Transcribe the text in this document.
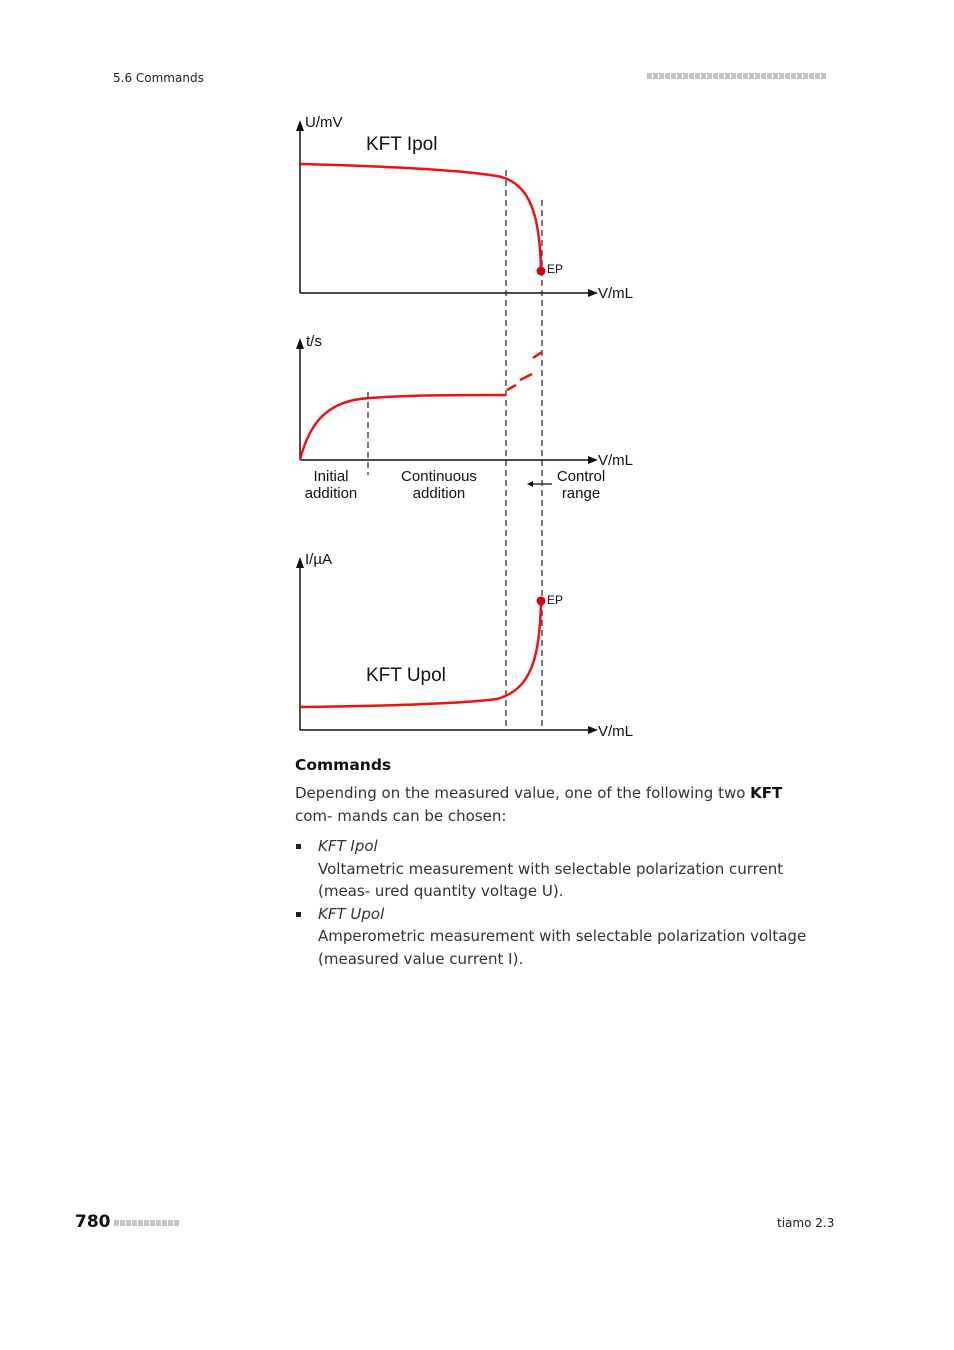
5.6 Commands
U/mV
V/mL
KFT Ipol
EP
t/s
V/mL
Initial
addition
Continuous
addition
Control
range
I/µA
V/mL
KFT Upol
EP
Commands

Depending on the measured value, one of the following two KFT com- mands can be chosen:

KFT Ipol
Voltametric measurement with selectable polarization current (meas- ured quantity voltage U).
KFT Upol
Amperometric measurement with selectable polarization voltage (measured value current I).
780	tiamo 2.3
